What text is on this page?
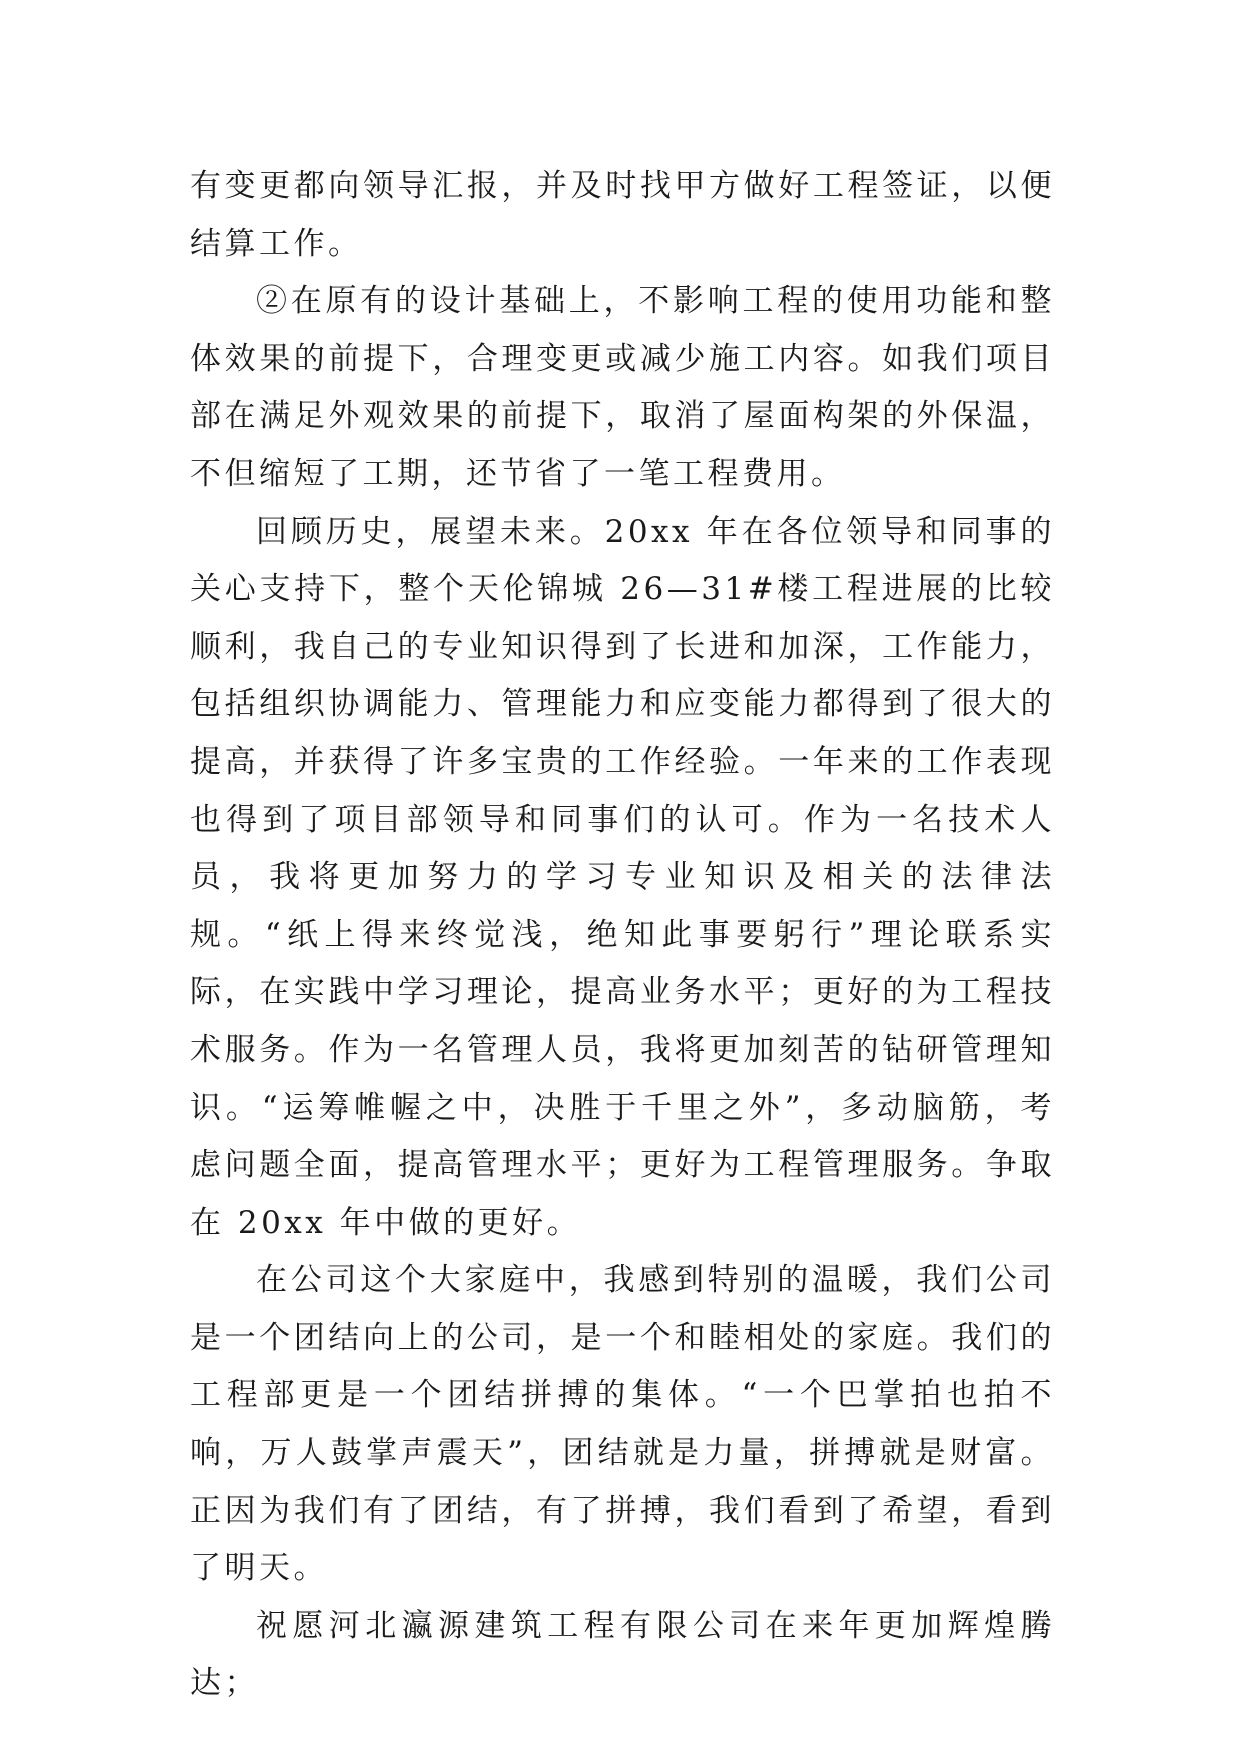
有变更都向领导汇报，并及时找甲方做好工程签证，以便结算工作。

②在原有的设计基础上，不影响工程的使用功能和整体效果的前提下，合理变更或减少施工内容。如我们项目部在满足外观效果的前提下，取消了屋面构架的外保温，不但缩短了工期，还节省了一笔工程费用。

回顾历史，展望未来。20xx 年在各位领导和同事的关心支持下，整个天伦锦城 26—31#楼工程进展的比较顺利，我自己的专业知识得到了长进和加深，工作能力，包括组织协调能力、管理能力和应变能力都得到了很大的提高，并获得了许多宝贵的工作经验。一年来的工作表现也得到了项目部领导和同事们的认可。作为一名技术人员，我将更加努力的学习专业知识及相关的法律法规。“纸上得来终觉浅，绝知此事要躬行”理论联系实际，在实践中学习理论，提高业务水平；更好的为工程技术服务。作为一名管理人员，我将更加刻苦的钻研管理知识。“运筹帷幄之中，决胜于千里之外”，多动脑筋，考虑问题全面，提高管理水平；更好为工程管理服务。争取在 20xx 年中做的更好。

在公司这个大家庭中，我感到特别的温暖，我们公司是一个团结向上的公司，是一个和睦相处的家庭。我们的工程部更是一个团结拼搏的集体。“一个巴掌拍也拍不响，万人鼓掌声震天”，团结就是力量，拼搏就是财富。正因为我们有了团结，有了拼搏，我们看到了希望，看到了明天。

祝愿河北瀛源建筑工程有限公司在来年更加辉煌腾达；
